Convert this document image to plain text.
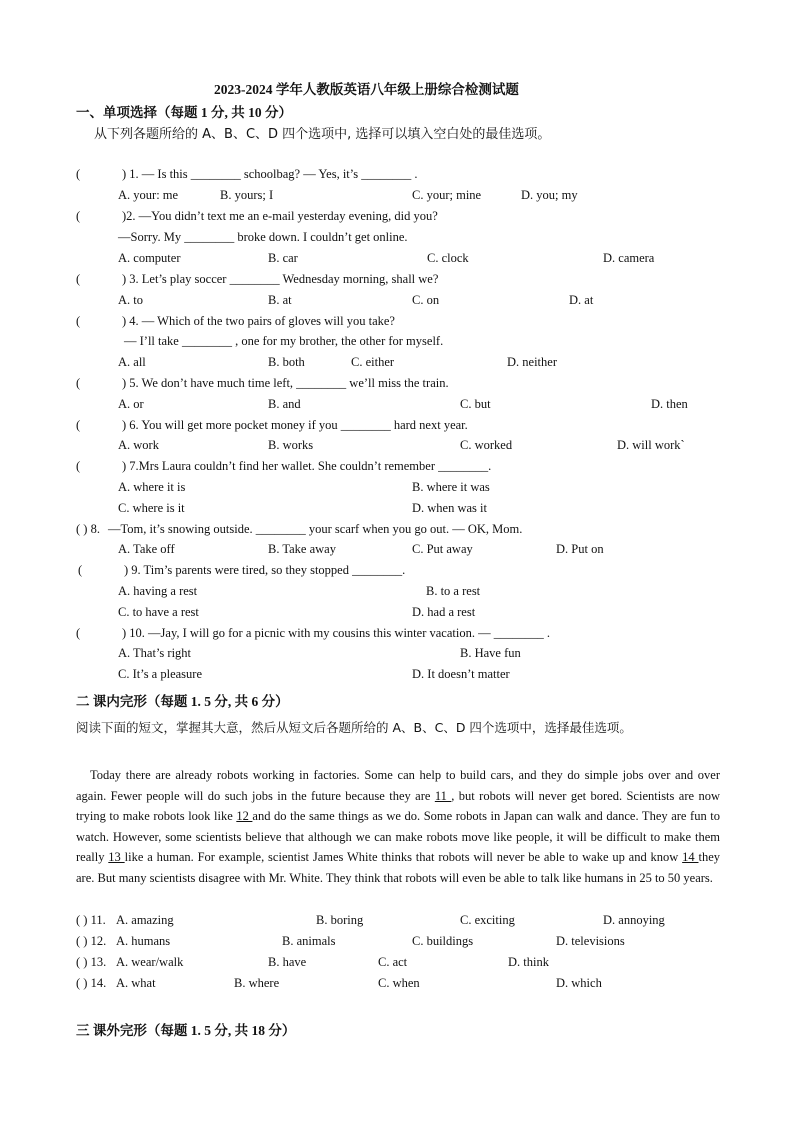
2023-2024 学年人教版英语八年级上册综合检测试题
一、单项选择（每题 1 分, 共 10 分）
从下列各题所给的 A、B、C、D 四个选项中, 选择可以填入空白处的最佳选项。
(	) 1. — Is this ________ schoolbag? — Yes, it’s ________ .
A. your: me	B. yours; I	C. your; mine	D. you; my
(	)2. —You didn’t text me an e-mail yesterday evening, did you?
—Sorry. My ________ broke down. I couldn’t get online.
A. computer	B. car	C. clock	D. camera
(	) 3. Let’s play soccer ________ Wednesday morning, shall we?
A. to	B. at	C. on	D. at
(	) 4. — Which of the two pairs of gloves will you take?
— I’ll take ________ , one for my brother, the other for myself.
A. all	B. both	C. either	D. neither
(	) 5. We don’t have much time left, ________ we’ll miss the train.
A. or	B. and	C. but	D. then
(	) 6. You will get more pocket money if you ________ hard next year.
A. work	B. works	C. worked	D. will work`
(	) 7.Mrs Laura couldn’t find her wallet. She couldn’t remember ________.
A. where it is	B. where it was
C. where is it	D. when was it
( ) 8. —Tom, it’s snowing outside. ________ your scarf when you go out. — OK, Mom.
A. Take off	B. Take away	C. Put away	D. Put on
(	) 9. Tim’s parents were tired, so they stopped ________.
A. having a rest	B. to a rest
C. to have a rest	D. had a rest
(	) 10. —Jay, I will go for a picnic with my cousins this winter vacation. — ________ .
A. That’s right	B. Have fun
C. It’s a pleasure	D. It doesn’t matter
二 课内完形（每题 1. 5 分, 共 6 分）
阅读下面的短文，掌握其大意，然后从短文后各题所给的 A、B、C、D 四个选项中，选择最佳选项。
Today there are already robots working in factories. Some can help to build cars, and they do simple jobs over and over again. Fewer people will do such jobs in the future because they are 11 , but robots will never get bored. Scientists are now trying to make robots look like 12 and do the same things as we do. Some robots in Japan can walk and dance. They are fun to watch. However, some scientists believe that although we can make robots move like people, it will be difficult to make them really 13 like a human. For example, scientist James White thinks that robots will never be able to wake up and know 14 they are. But many scientists disagree with Mr. White. They think that robots will even be able to talk like humans in 25 to 50 years.
( ) 11. A. amazing	B. boring	C. exciting	D. annoying
( ) 12. A. humans	B. animals	C. buildings	D. televisions
( ) 13. A. wear/walk	B. have	C. act	D. think
( ) 14. A. what	B. where	C. when	D. which
三 课外完形（每题 1. 5 分, 共 18 分）
